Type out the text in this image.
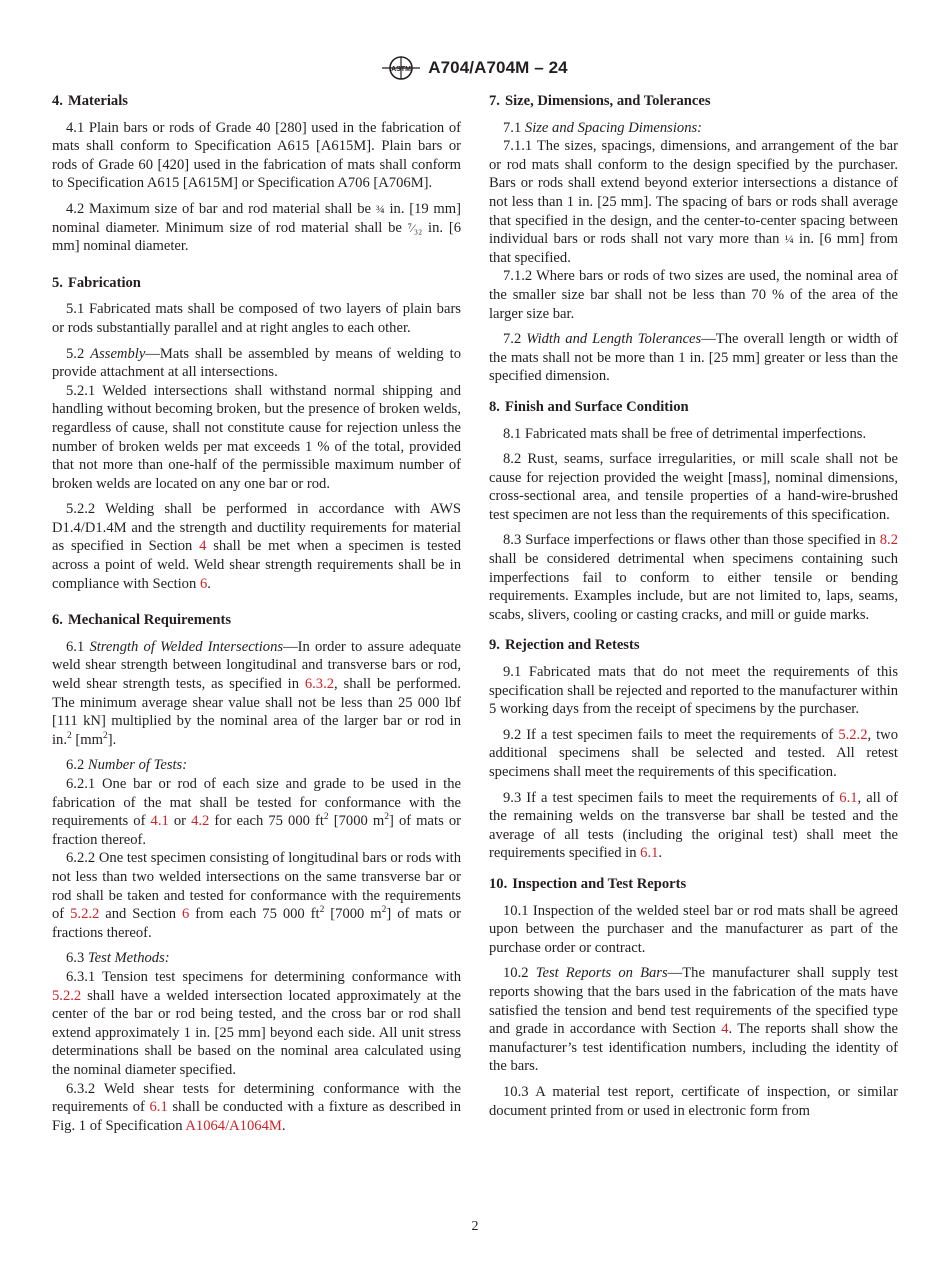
ASTM A704/A704M – 24
4. Materials

4.1 Plain bars or rods of Grade 40 [280] used in the fabrication of mats shall conform to Specification A615 [A615M]. Plain bars or rods of Grade 60 [420] used in the fabrication of mats shall conform to Specification A615 [A615M] or Specification A706 [A706M].

4.2 Maximum size of bar and rod material shall be ¾ in. [19 mm] nominal diameter. Minimum size of rod material shall be ⁷⁄₃₂ in. [6 mm] nominal diameter.

5. Fabrication

5.1 Fabricated mats shall be composed of two layers of plain bars or rods substantially parallel and at right angles to each other.

5.2 Assembly—Mats shall be assembled by means of welding to provide attachment at all intersections.

5.2.1 Welded intersections shall withstand normal shipping and handling without becoming broken, but the presence of broken welds, regardless of cause, shall not constitute cause for rejection unless the number of broken welds per mat exceeds 1 % of the total, provided that not more than one-half of the permissible maximum number of broken welds are located on any one bar or rod.

5.2.2 Welding shall be performed in accordance with AWS D1.4/D1.4M and the strength and ductility requirements for material as specified in Section 4 shall be met when a specimen is tested across a point of weld. Weld shear strength requirements shall be in compliance with Section 6.

6. Mechanical Requirements

6.1 Strength of Welded Intersections—In order to assure adequate weld shear strength between longitudinal and transverse bars or rod, weld shear strength tests, as specified in 6.3.2, shall be performed. The minimum average shear value shall not be less than 25 000 lbf [111 kN] multiplied by the nominal area of the larger bar or rod in in.$^2$ $[mm^2]$.

6.2 Number of Tests:

6.2.1 One bar or rod of each size and grade to be used in the fabrication of the mat shall be tested for conformance with the requirements of 4.1 or 4.2 for each 75 000 $ft^2$ [7000 $m^2$] of mats or fraction thereof.

6.2.2 One test specimen consisting of longitudinal bars or rods with not less than two welded intersections on the same transverse bar or rod shall be taken and tested for conformance with the requirements of 5.2.2 and Section 6 from each 75 000 $ft^2$ [7000 $m^2$] of mats or fractions thereof.

6.3 Test Methods:

6.3.1 Tension test specimens for determining conformance with 5.2.2 shall have a welded intersection located approximately at the center of the bar or rod being tested, and the cross bar or rod shall extend approximately 1 in. [25 mm] beyond each side. All unit stress determinations shall be based on the nominal area calculated using the nominal diameter specified.

6.3.2 Weld shear tests for determining conformance with the requirements of 6.1 shall be conducted with a fixture as described in Fig. 1 of Specification A1064/A1064M.

7. Size, Dimensions, and Tolerances

7.1 Size and Spacing Dimensions:

7.1.1 The sizes, spacings, dimensions, and arrangement of the bar or rod mats shall conform to the design specified by the purchaser. Bars or rods shall extend beyond exterior intersections a distance of not less than 1 in. [25 mm]. The spacing of bars or rods shall average that specified in the design, and the center-to-center spacing between individual bars or rods shall not vary more than ¼ in. [6 mm] from that specified.

7.1.2 Where bars or rods of two sizes are used, the nominal area of the smaller size bar shall not be less than 70 % of the area of the larger size bar.

7.2 Width and Length Tolerances—The overall length or width of the mats shall not be more than 1 in. [25 mm] greater or less than the specified dimension.

8. Finish and Surface Condition

8.1 Fabricated mats shall be free of detrimental imperfections.

8.2 Rust, seams, surface irregularities, or mill scale shall not be cause for rejection provided the weight [mass], nominal dimensions, cross-sectional area, and tensile properties of a hand-wire-brushed test specimen are not less than the requirements of this specification.

8.3 Surface imperfections or flaws other than those specified in 8.2 shall be considered detrimental when specimens containing such imperfections fail to conform to either tensile or bending requirements. Examples include, but are not limited to, laps, seams, scabs, slivers, cooling or casting cracks, and mill or guide marks.

9. Rejection and Retests

9.1 Fabricated mats that do not meet the requirements of this specification shall be rejected and reported to the manufacturer within 5 working days from the receipt of specimens by the purchaser.

9.2 If a test specimen fails to meet the requirements of 5.2.2, two additional specimens shall be selected and tested. All retest specimens shall meet the requirements of this specification.

9.3 If a test specimen fails to meet the requirements of 6.1, all of the remaining welds on the transverse bar shall be tested and the average of all tests (including the original test) shall meet the requirements specified in 6.1.

10. Inspection and Test Reports

10.1 Inspection of the welded steel bar or rod mats shall be agreed upon between the purchaser and the manufacturer as part of the purchase order or contract.

10.2 Test Reports on Bars—The manufacturer shall supply test reports showing that the bars used in the fabrication of the mats have satisfied the tension and bend test requirements of the specified type and grade in accordance with Section 4. The reports shall show the manufacturer’s test identification numbers, including the identity of the bars.

10.3 A material test report, certificate of inspection, or similar document printed from or used in electronic form from

2
